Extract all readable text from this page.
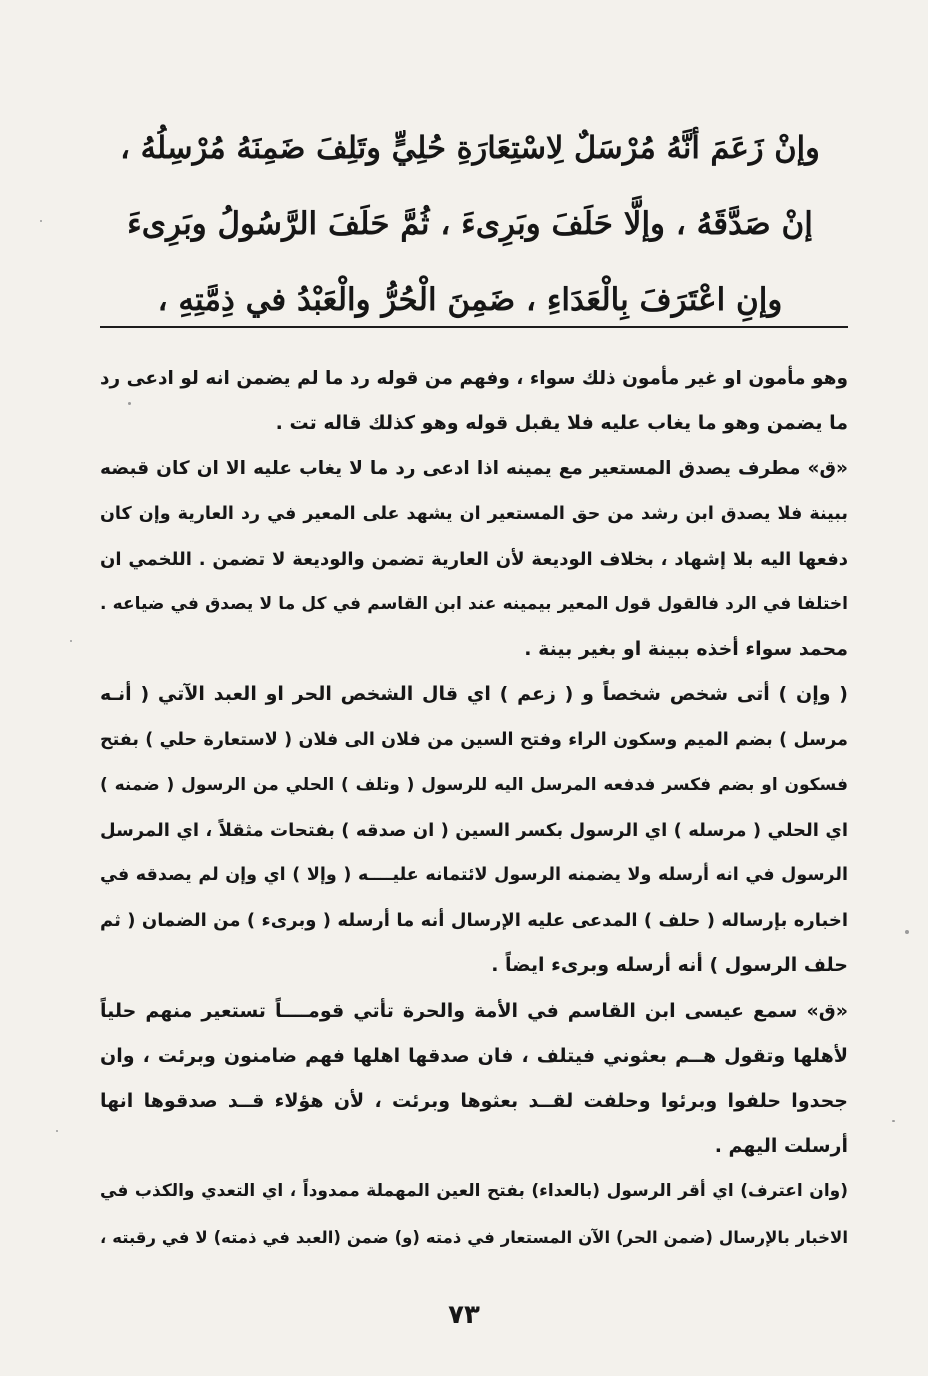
وإنْ زَعَمَ أنَّهُ مُرْسَلٌ لِاسْتِعَارَةِ حُلِيٍّ وتَلِفَ ضَمِنَهُ مُرْسِلُهُ ،
إنْ صَدَّقَهُ ، وإلَّا حَلَفَ وبَرِىءَ ، ثُمَّ حَلَفَ الرَّسُولُ وبَرِىءَ
وإنِ اعْتَرَفَ بِالْعَدَاءِ ، ضَمِنَ الْحُرُّ والْعَبْدُ في ذِمَّتِهِ ،
وهو مأمون او غير مأمون ذلك سواء ، وفهم من قوله رد ما لم يضمن انه لو ادعى رد
ما يضمن وهو ما يغاب عليه فلا يقبل قوله وهو كذلك قاله تت .
«ق» مطرف يصدق المستعير مع يمينه اذا ادعى رد ما لا يغاب عليه الا ان كان قبضه
ببينة فلا يصدق ابن رشد من حق المستعير ان يشهد على المعير في رد العارية وإن كان
دفعها اليه بلا إشهاد ، بخلاف الوديعة لأن العارية تضمن والوديعة لا تضمن . اللخمي ان
اختلفا في الرد فالقول قول المعير بيمينه عند ابن القاسم في كل ما لا يصدق في ضياعه .
محمد سواء أخذه ببينة او بغير بينة .
( وإن ) أتى شخص شخصاً و ( زعم ) اي قال الشخص الحر او العبد الآتي ( أنـه
مرسل ) بضم الميم وسكون الراء وفتح السين من فلان الى فلان ( لاستعارة حلي ) بفتح
فسكون او بضم فكسر فدفعه المرسل اليه للرسول ( وتلف ) الحلي من الرسول ( ضمنه )
اي الحلي ( مرسله ) اي الرسول بكسر السين ( ان صدقه ) بفتحات مثقلاً ، اي المرسل
الرسول في انه أرسله ولا يضمنه الرسول لائتمانه عليــــه ( وإلا ) اي وإن لم يصدقه في
اخباره بإرساله ( حلف ) المدعى عليه الإرسال أنه ما أرسله ( وبرىء ) من الضمان ( ثم
حلف الرسول ) أنه أرسله وبرىء ايضاً .
«ق» سمع عيسى ابن القاسم في الأمة والحرة تأتي قومــــاً تستعير منهم حلياً
لأهلها وتقول هــم بعثوني فيتلف ، فان صدقها اهلها فهم ضامنون وبرئت ، وان
جحدوا حلفوا وبرئوا وحلفت لقــد بعثوها وبرئت ، لأن هؤلاء قــد صدقوها انها
أرسلت اليهم .
(وان اعترف) اي أقر الرسول (بالعداء) بفتح العين المهملة ممدوداً ، اي التعدي والكذب في
الاخبار بالإرسال (ضمن الحر) الآن المستعار في ذمته (و) ضمن (العبد في ذمته) لا في رقبته ،
٧٣
